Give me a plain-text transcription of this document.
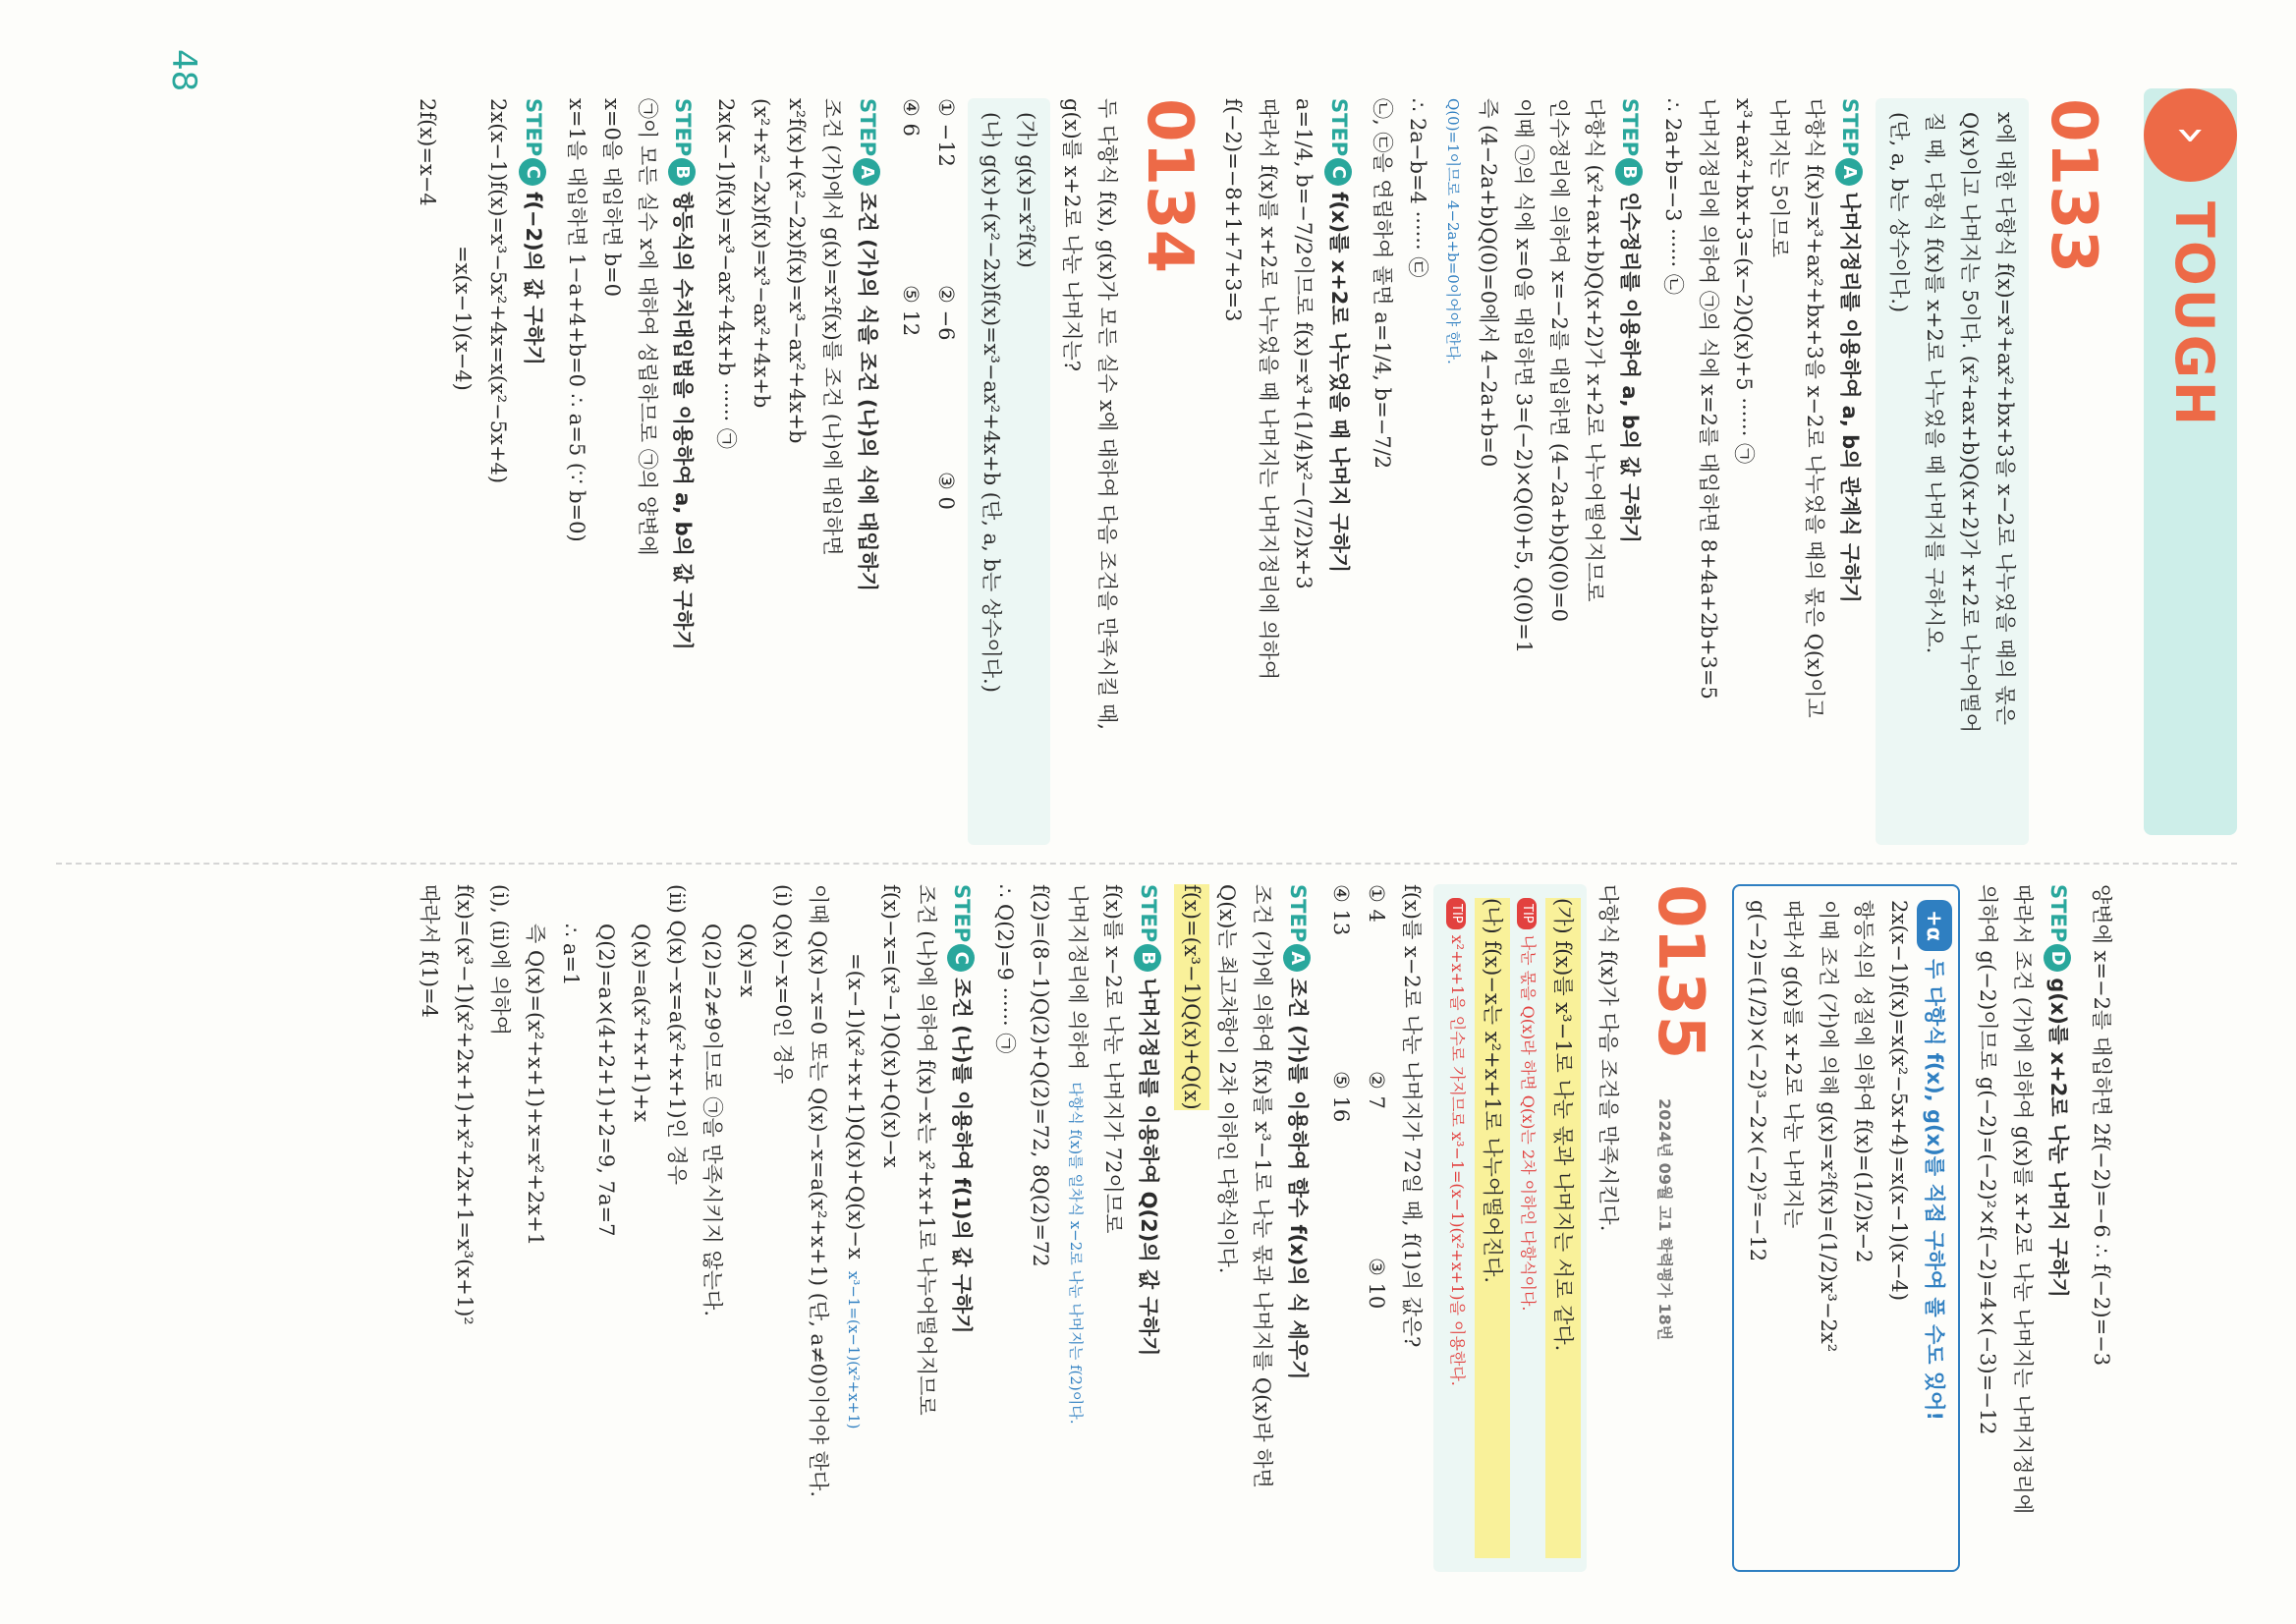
48
›
TOUGH
0133

x에 대한 다항식 f(x)=x³+ax²+bx+3을 x−2로 나누었을 때의 몫은

Q(x)이고 나머지는 5이다. (x²+ax+b)Q(x+2)가 x+2로 나누어떨어

질 때, 다항식 f(x)를 x+2로 나누었을 때 나머지를 구하시오.

(단, a, b는 상수이다.)

STEPA나머지정리를 이용하여 a, b의 관계식 구하기

다항식 f(x)=x³+ax²+bx+3을 x−2로 나누었을 때의 몫은 Q(x)이고

나머지는 5이므로

x³+ax²+bx+3=(x−2)Q(x)+5 ······ ㉠

나머지정리에 의하여 ㉠의 식에 x=2를 대입하면 8+4a+2b+3=5

∴ 2a+b=−3 ······ ㉡

STEPB인수정리를 이용하여 a, b의 값 구하기

다항식 (x²+ax+b)Q(x+2)가 x+2로 나누어떨어지므로

인수정리에 의하여 x=−2를 대입하면 (4−2a+b)Q(0)=0

이때 ㉠의 식에 x=0을 대입하면 3=(−2)×Q(0)+5, Q(0)=1

즉 (4−2a+b)Q(0)=0에서 4−2a+b=0

Q(0)=1이므로 4−2a+b=0이어야 한다.

∴ 2a−b=4 ······ ㉢

㉡, ㉢을 연립하여 풀면 a=1/4, b=−7/2

STEPCf(x)를 x+2로 나누었을 때 나머지 구하기

a=1/4, b=−7/2이므로 f(x)=x³+(1/4)x²−(7/2)x+3

따라서 f(x)를 x+2로 나누었을 때 나머지는 나머지정리에 의하여

f(−2)=−8+1+7+3=3

0134

두 다항식 f(x), g(x)가 모든 실수 x에 대하여 다음 조건을 만족시킬 때,

g(x)를 x+2로 나눈 나머지는?

(가) g(x)=x²f(x)

(나) g(x)+(x²−2x)f(x)=x³−ax²+4x+b (단, a, b는 상수이다.)

① −12② −6③ 0

④ 6⑤ 12

STEPA조건 (가)의 식을 조건 (나)의 식에 대입하기

조건 (가)에서 g(x)=x²f(x)를 조건 (나)에 대입하면

x²f(x)+(x²−2x)f(x)=x³−ax²+4x+b

(x²+x²−2x)f(x)=x³−ax²+4x+b

2x(x−1)f(x)=x³−ax²+4x+b ······ ㉠

STEPB항등식의 수치대입법을 이용하여 a, b의 값 구하기

㉠이 모든 실수 x에 대하여 성립하므로 ㉠의 양변에

x=0을 대입하면 b=0

x=1을 대입하면 1−a+4+b=0 ∴ a=5 (∵ b=0)

STEPCf(−2)의 값 구하기

2x(x−1)f(x)=x³−5x²+4x=x(x²−5x+4)

=x(x−1)(x−4)

2f(x)=x−4

양변에 x=−2를 대입하면 2f(−2)=−6 ∴ f(−2)=−3

STEPDg(x)를 x+2로 나눈 나머지 구하기

따라서 조건 (가)에 의하여 g(x)를 x+2로 나눈 나머지는 나머지정리에

의하여 g(−2)이므로 g(−2)=(−2)²×f(−2)=4×(−3)=−12

+α두 다항식 f(x), g(x)를 직접 구하여 풀 수도 있어!

2x(x−1)f(x)=x(x²−5x+4)=x(x−1)(x−4)

항등식의 성질에 의하여 f(x)=(1/2)x−2

이때 조건 (가)에 의해 g(x)=x²f(x)=(1/2)x³−2x²

따라서 g(x)를 x+2로 나눈 나머지는

g(−2)=(1/2)×(−2)³−2×(−2)²=−12

01352024년 09월 고1 학력평가 18번

다항식 f(x)가 다음 조건을 만족시킨다.

(가) f(x)를 x³−1로 나눈 몫과 나머지는 서로 같다.

TIP나눈 몫을 Q(x)라 하면 Q(x)는 2차 이하인 다항식이다.

(나) f(x)−x는 x²+x+1로 나누어떨어진다.

TIPx²+x+1을 인수로 가지므로 x³−1=(x−1)(x²+x+1)을 이용한다.

f(x)를 x−2로 나눈 나머지가 72일 때, f(1)의 값은?

① 4② 7③ 10

④ 13⑤ 16

STEPA조건 (가)를 이용하여 함수 f(x)의 식 세우기

조건 (가)에 의하여 f(x)를 x³−1로 나눈 몫과 나머지를 Q(x)라 하면

Q(x)는 최고차항이 2차 이하인 다항식이다.

f(x)=(x³−1)Q(x)+Q(x)

STEPB나머지정리를 이용하여 Q(2)의 값 구하기

f(x)를 x−2로 나눈 나머지가 72이므로

나머지정리에 의하여다항식 f(x)를 일차식 x−2로 나눈 나머지는 f(2)이다.

f(2)=(8−1)Q(2)+Q(2)=72, 8Q(2)=72

∴ Q(2)=9 ······ ㉠

STEPC조건 (나)를 이용하여 f(1)의 값 구하기

조건 (나)에 의하여 f(x)−x는 x²+x+1로 나누어떨어지므로

f(x)−x=(x³−1)Q(x)+Q(x)−x

=(x−1)(x²+x+1)Q(x)+Q(x)−xx³−1=(x−1)(x²+x+1)

이때 Q(x)−x=0 또는 Q(x)−x=a(x²+x+1) (단, a≠0)이어야 한다.

(ⅰ) Q(x)−x=0인 경우

Q(x)=x

Q(2)=2≠9이므로 ㉠을 만족시키지 않는다.

(ⅱ) Q(x)−x=a(x²+x+1)인 경우

Q(x)=a(x²+x+1)+x

Q(2)=a×(4+2+1)+2=9, 7a=7

∴ a=1

즉 Q(x)=(x²+x+1)+x=x²+2x+1

(ⅰ), (ⅱ)에 의하여

f(x)=(x³−1)(x²+2x+1)+x²+2x+1=x³(x+1)²

따라서 f(1)=4
